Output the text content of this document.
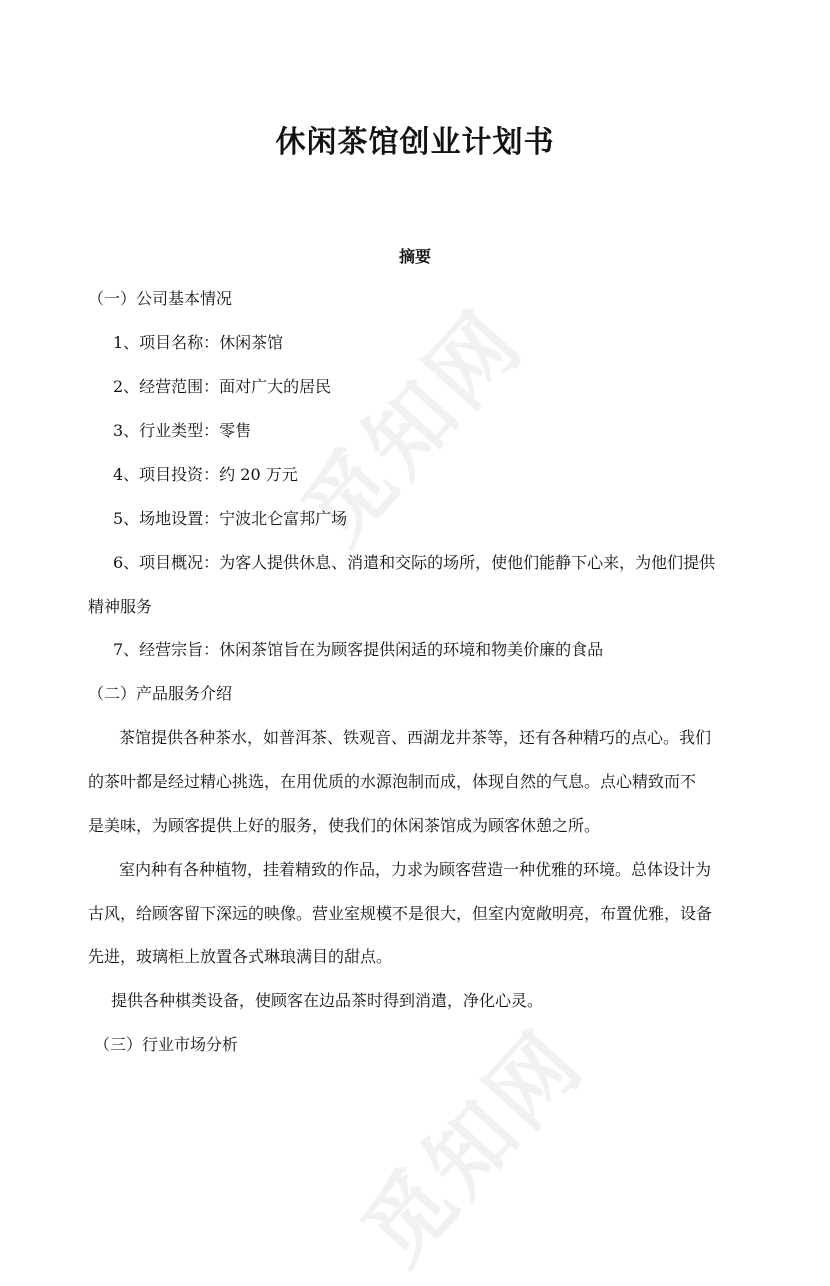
觅知网
觅知网
休闲茶馆创业计划书
摘要
（一）公司基本情况
1、项目名称：休闲茶馆
2、经营范围：面对广大的居民
3、行业类型：零售
4、项目投资：约 20 万元
5、场地设置：宁波北仑富邦广场
6、项目概况：为客人提供休息、消遣和交际的场所，使他们能静下心来，为他们提供
精神服务
7、经营宗旨：休闲茶馆旨在为顾客提供闲适的环境和物美价廉的食品
（二）产品服务介绍
茶馆提供各种茶水，如普洱茶、铁观音、西湖龙井茶等，还有各种精巧的点心。我们
的茶叶都是经过精心挑选，在用优质的水源泡制而成，体现自然的气息。点心精致而不
是美味，为顾客提供上好的服务，使我们的休闲茶馆成为顾客休憩之所。
室内种有各种植物，挂着精致的作品，力求为顾客营造一种优雅的环境。总体设计为
古风，给顾客留下深远的映像。营业室规模不是很大，但室内宽敞明亮，布置优雅，设备
先进，玻璃柜上放置各式琳琅满目的甜点。
提供各种棋类设备，使顾客在边品茶时得到消遣，净化心灵。
（三）行业市场分析
